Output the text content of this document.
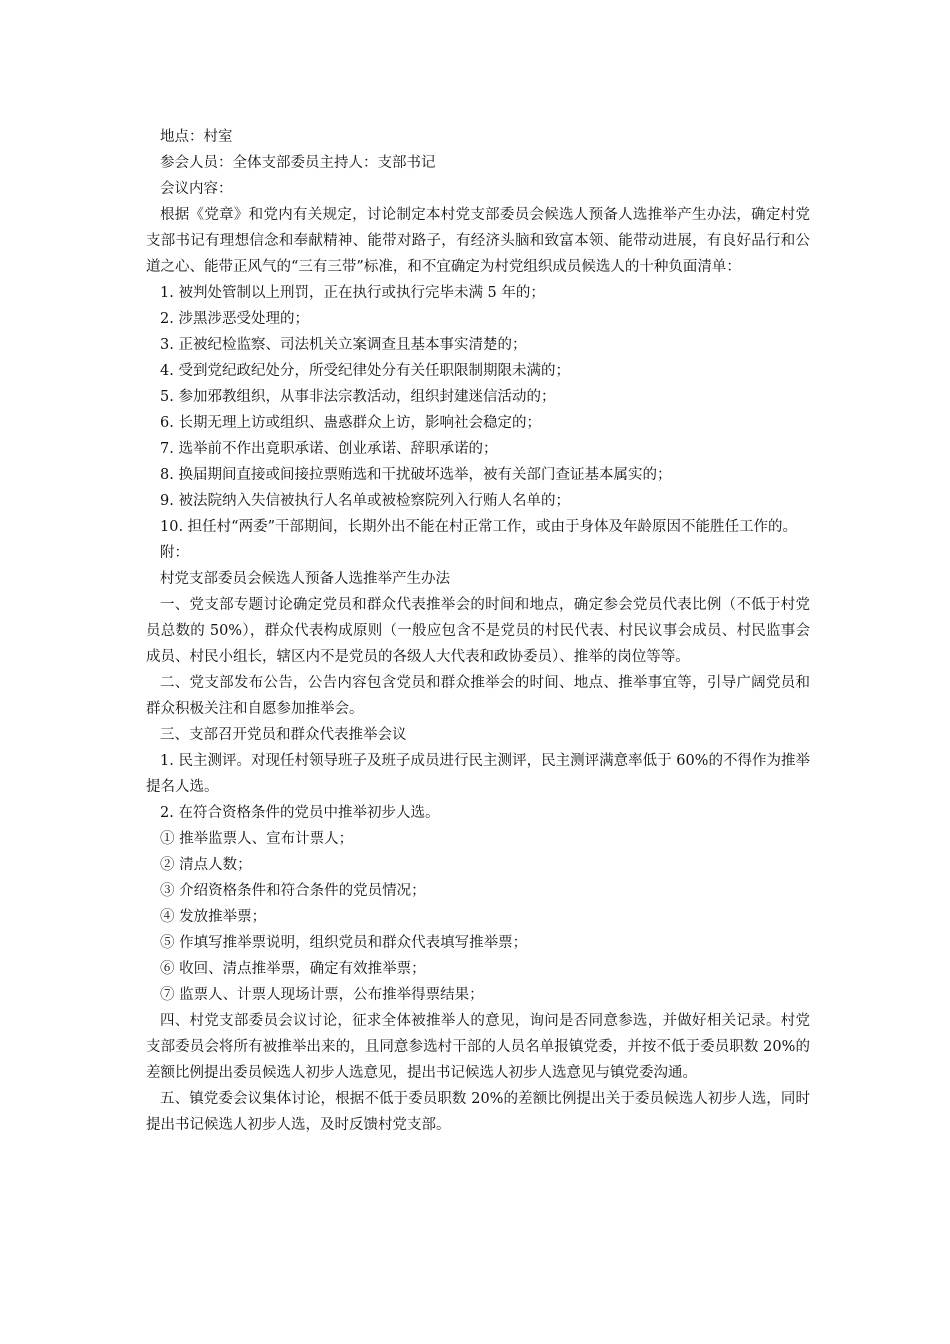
地点：村室

参会人员：全体支部委员主持人：支部书记

会议内容：

根据《党章》和党内有关规定，讨论制定本村党支部委员会候选人预备人选推举产生办法，确定村党支部书记有理想信念和奉献精神、能带对路子，有经济头脑和致富本领、能带动进展，有良好品行和公道之心、能带正风气的“三有三带”标准，和不宜确定为村党组织成员候选人的十种负面清单：

1. 被判处管制以上刑罚，正在执行或执行完毕未满 5 年的；

2. 涉黑涉恶受处理的；

3. 正被纪检监察、司法机关立案调查且基本事实清楚的；

4. 受到党纪政纪处分，所受纪律处分有关任职限制期限未满的；

5. 参加邪教组织，从事非法宗教活动，组织封建迷信活动的；

6. 长期无理上访或组织、蛊惑群众上访，影响社会稳定的；

7. 选举前不作出竟职承诺、创业承诺、辞职承诺的；

8. 换届期间直接或间接拉票贿选和干扰破坏选举，被有关部门查证基本属实的；

9. 被法院纳入失信被执行人名单或被检察院列入行贿人名单的；

10. 担任村“两委”干部期间，长期外出不能在村正常工作，或由于身体及年龄原因不能胜任工作的。

附：

村党支部委员会候选人预备人选推举产生办法

一、党支部专题讨论确定党员和群众代表推举会的时间和地点，确定参会党员代表比例（不低于村党员总数的 50%），群众代表构成原则（一般应包含不是党员的村民代表、村民议事会成员、村民监事会成员、村民小组长，辖区内不是党员的各级人大代表和政协委员）、推举的岗位等等。

二、党支部发布公告，公告内容包含党员和群众推举会的时间、地点、推举事宜等，引导广阔党员和群众积极关注和自愿参加推举会。

三、支部召开党员和群众代表推举会议

1. 民主测评。对现任村领导班子及班子成员进行民主测评，民主测评满意率低于 60%的不得作为推举提名人选。

2. 在符合资格条件的党员中推举初步人选。

① 推举监票人、宣布计票人；

② 清点人数；

③ 介绍资格条件和符合条件的党员情况；

④ 发放推举票；

⑤ 作填写推举票说明，组织党员和群众代表填写推举票；

⑥ 收回、清点推举票，确定有效推举票；

⑦ 监票人、计票人现场计票，公布推举得票结果；

四、村党支部委员会议讨论，征求全体被推举人的意见，询问是否同意参选，并做好相关记录。村党支部委员会将所有被推举出来的，且同意参选村干部的人员名单报镇党委，并按不低于委员职数 20%的差额比例提出委员候选人初步人选意见，提出书记候选人初步人选意见与镇党委沟通。

五、镇党委会议集体讨论，根据不低于委员职数 20%的差额比例提出关于委员候选人初步人选，同时提出书记候选人初步人选，及时反馈村党支部。
